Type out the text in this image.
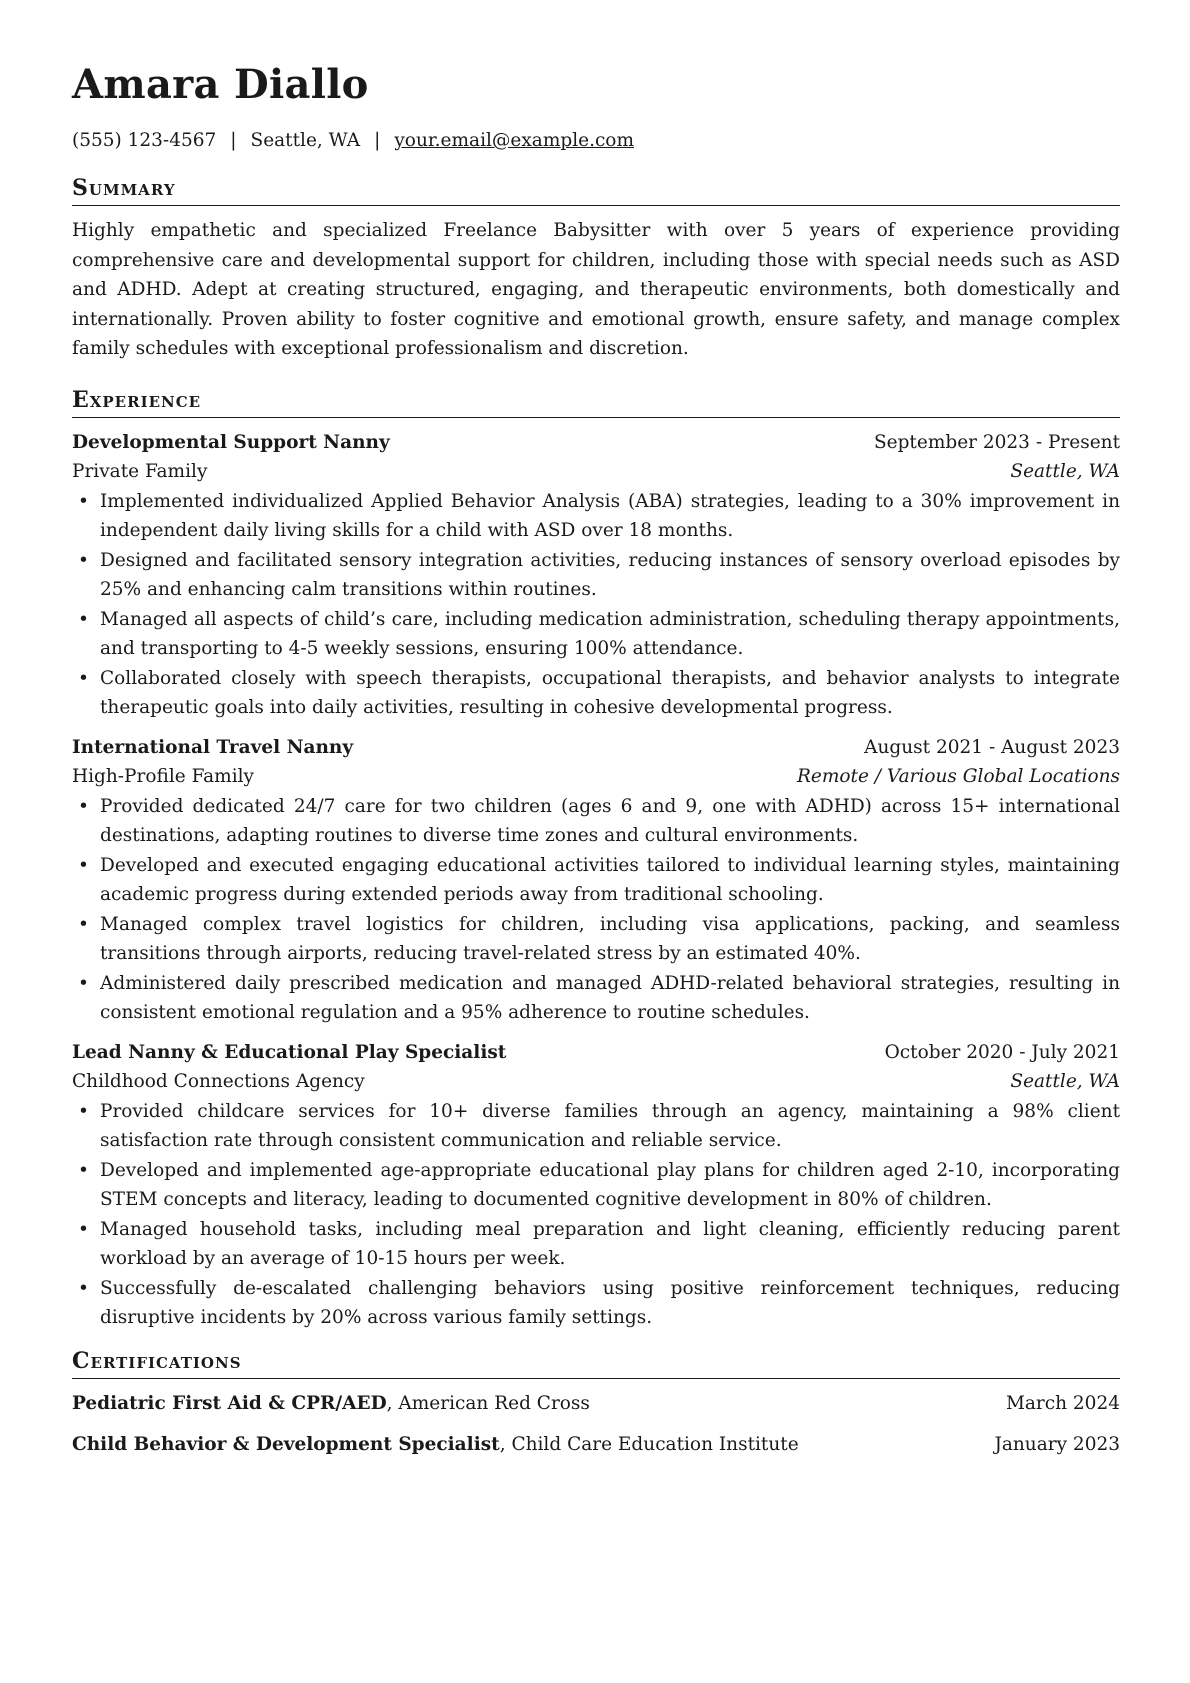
Amara Diallo
(555) 123-4567 | Seattle, WA | your.email@example.com
Summary
Highly empathetic and specialized Freelance Babysitter with over 5 years of experience providing comprehensive care and developmental support for children, including those with special needs such as ASD and ADHD. Adept at creating structured, engaging, and therapeutic environments, both domestically and internationally. Proven ability to foster cognitive and emotional growth, ensure safety, and manage complex family schedules with exceptional professionalism and discretion.
Experience
Developmental Support Nanny	September 2023 - Present
Private Family	Seattle, WA
• Implemented individualized Applied Behavior Analysis (ABA) strategies, leading to a 30% improvement in independent daily living skills for a child with ASD over 18 months.
• Designed and facilitated sensory integration activities, reducing instances of sensory overload episodes by 25% and enhancing calm transitions within routines.
• Managed all aspects of child’s care, including medication administration, scheduling therapy appointments, and transporting to 4-5 weekly sessions, ensuring 100% attendance.
• Collaborated closely with speech therapists, occupational therapists, and behavior analysts to integrate therapeutic goals into daily activities, resulting in cohesive developmental progress.
International Travel Nanny	August 2021 - August 2023
High-Profile Family	Remote / Various Global Locations
• Provided dedicated 24/7 care for two children (ages 6 and 9, one with ADHD) across 15+ international destinations, adapting routines to diverse time zones and cultural environments.
• Developed and executed engaging educational activities tailored to individual learning styles, maintaining academic progress during extended periods away from traditional schooling.
• Managed complex travel logistics for children, including visa applications, packing, and seamless transitions through airports, reducing travel-related stress by an estimated 40%.
• Administered daily prescribed medication and managed ADHD-related behavioral strategies, resulting in consistent emotional regulation and a 95% adherence to routine schedules.
Lead Nanny & Educational Play Specialist	October 2020 - July 2021
Childhood Connections Agency	Seattle, WA
• Provided childcare services for 10+ diverse families through an agency, maintaining a 98% client satisfaction rate through consistent communication and reliable service.
• Developed and implemented age-appropriate educational play plans for children aged 2-10, incorporating STEM concepts and literacy, leading to documented cognitive development in 80% of children.
• Managed household tasks, including meal preparation and light cleaning, efficiently reducing parent workload by an average of 10-15 hours per week.
• Successfully de-escalated challenging behaviors using positive reinforcement techniques, reducing disruptive incidents by 20% across various family settings.
Certifications
Pediatric First Aid & CPR/AED, American Red Cross	March 2024
Child Behavior & Development Specialist, Child Care Education Institute	January 2023
